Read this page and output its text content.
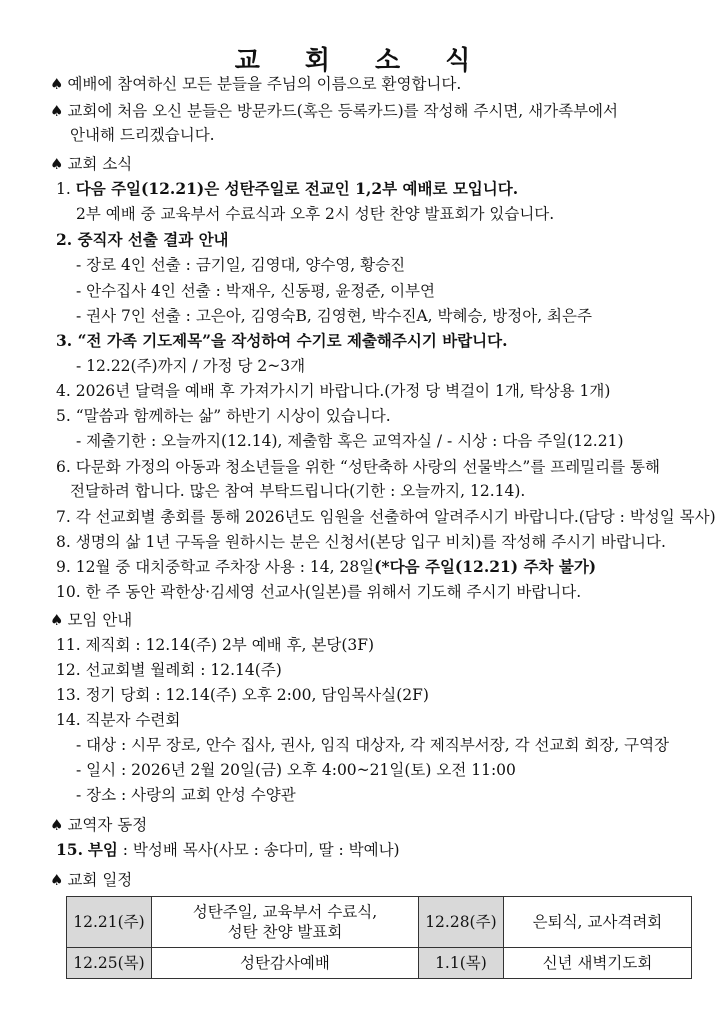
교 회 소 식
♠ 예배에 참여하신 모든 분들을 주님의 이름으로 환영합니다.
♠ 교회에 처음 오신 분들은 방문카드(혹은 등록카드)를 작성해 주시면, 새가족부에서
안내해 드리겠습니다.
♠ 교회 소식
1. 다음 주일(12.21)은 성탄주일로 전교인 1,2부 예배로 모입니다.
2부 예배 중 교육부서 수료식과 오후 2시 성탄 찬양 발표회가 있습니다.
2. 중직자 선출 결과 안내
- 장로 4인 선출 : 금기일, 김영대, 양수영, 황승진
- 안수집사 4인 선출 : 박재우, 신동평, 윤정준, 이부연
- 권사 7인 선출 : 고은아, 김영숙B, 김영현, 박수진A, 박혜승, 방정아, 최은주
3. “전 가족 기도제목”을 작성하여 수기로 제출해주시기 바랍니다.
- 12.22(주)까지 / 가정 당 2~3개
4. 2026년 달력을 예배 후 가져가시기 바랍니다.(가정 당 벽걸이 1개, 탁상용 1개)
5. “말씀과 함께하는 삶” 하반기 시상이 있습니다.
- 제출기한 : 오늘까지(12.14), 제출함 혹은 교역자실 / - 시상 : 다음 주일(12.21)
6. 다문화 가정의 아동과 청소년들을 위한 “성탄축하 사랑의 선물박스”를 프레밀리를 통해
전달하려 합니다. 많은 참여 부탁드립니다(기한 : 오늘까지, 12.14).
7. 각 선교회별 총회를 통해 2026년도 임원을 선출하여 알려주시기 바랍니다.(담당 : 박성일 목사)
8. 생명의 삶 1년 구독을 원하시는 분은 신청서(본당 입구 비치)를 작성해 주시기 바랍니다.
9. 12월 중 대치중학교 주차장 사용 : 14, 28일(*다음 주일(12.21) 주차 불가)
10. 한 주 동안 곽한상·김세영 선교사(일본)를 위해서 기도해 주시기 바랍니다.
♠ 모임 안내
11. 제직회 : 12.14(주) 2부 예배 후, 본당(3F)
12. 선교회별 월례회 : 12.14(주)
13. 정기 당회 : 12.14(주) 오후 2:00, 담임목사실(2F)
14. 직분자 수련회
- 대상 : 시무 장로, 안수 집사, 권사, 임직 대상자, 각 제직부서장, 각 선교회 회장, 구역장
- 일시 : 2026년 2월 20일(금) 오후 4:00~21일(토) 오전 11:00
- 장소 : 사랑의 교회 안성 수양관
♠ 교역자 동정
15. 부임 : 박성배 목사(사모 : 송다미, 딸 : 박예나)
♠ 교회 일정
12.21(주)	성탄주일, 교육부서 수료식,
성탄 찬양 발표회	12.28(주)	은퇴식, 교사격려회
12.25(목)	성탄감사예배	1.1(목)	신년 새벽기도회
